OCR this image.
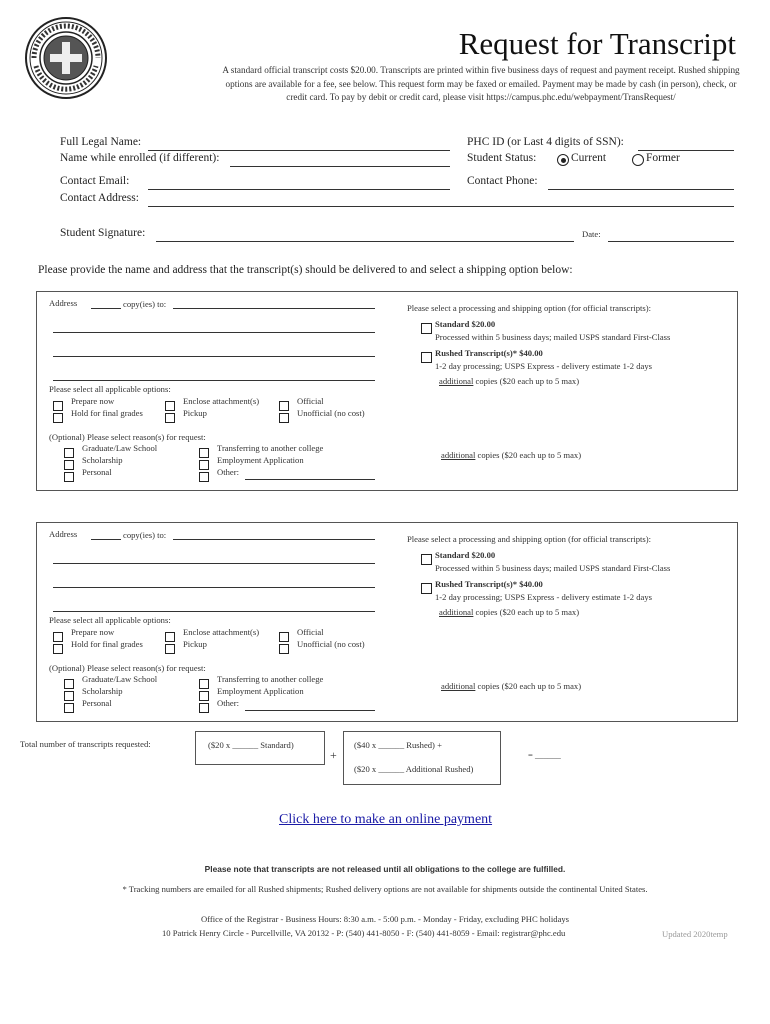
Request for Transcript
A standard official transcript costs $20.00. Transcripts are printed within five business days of request and payment receipt. Rushed shipping options are available for a fee, see below. This request form may be faxed or emailed. Payment may be made by cash (in person), check, or credit card. To pay by debit or credit card, please visit https://campus.phc.edu/webpayment/TransRequest/
Full Legal Name:
Name while enrolled (if different):
PHC ID (or Last 4 digits of SSN):
Student Status:	Current	Former
Contact Email:	Contact Phone:
Contact Address:
Student Signature:	Date:
Please provide the name and address that the transcript(s) should be delivered to and select a shipping option below:
Address	copy(ies) to:
Please select all applicable options:
Prepare now
Hold for final grades
Enclose attachment(s)
Pickup
Official
Unofficial (no cost)
(Optional) Please select reason(s) for request:
Graduate/Law School
Scholarship
Personal
Transferring to another college
Employment Application
Other:
Please select a processing and shipping option (for official transcripts):
Standard $20.00
Processed within 5 business days; mailed USPS standard First-Class
Rushed Transcript(s)* $40.00
1-2 day processing; USPS Express - delivery estimate 1-2 days
additional copies ($20 each up to 5 max)
additional copies ($20 each up to 5 max)
Address	copy(ies) to:
Please select all applicable options:
Prepare now
Hold for final grades
Enclose attachment(s)
Pickup
Official
Unofficial (no cost)
(Optional) Please select reason(s) for request:
Graduate/Law School
Scholarship
Personal
Transferring to another college
Employment Application
Other:
Please select a processing and shipping option (for official transcripts):
Standard $20.00
Processed within 5 business days; mailed USPS standard First-Class
Rushed Transcript(s)* $40.00
1-2 day processing; USPS Express - delivery estimate 1-2 days
additional copies ($20 each up to 5 max)
additional copies ($20 each up to 5 max)
Total number of transcripts requested:	($20 x ______ Standard)
+
($40 x ______ Rushed) +
($20 x ______ Additional Rushed)
= ______
Click here to make an online payment
Please note that transcripts are not released until all obligations to the college are fulfilled.
* Tracking numbers are emailed for all Rushed shipments; Rushed delivery options are not available for shipments outside the continental United States.
Office of the Registrar - Business Hours: 8:30 a.m. - 5:00 p.m. - Monday - Friday, excluding PHC holidays
10 Patrick Henry Circle - Purcellville, VA 20132 - P: (540) 441-8050 - F: (540) 441-8059 - Email: registrar@phc.edu	Updated 2020temp
